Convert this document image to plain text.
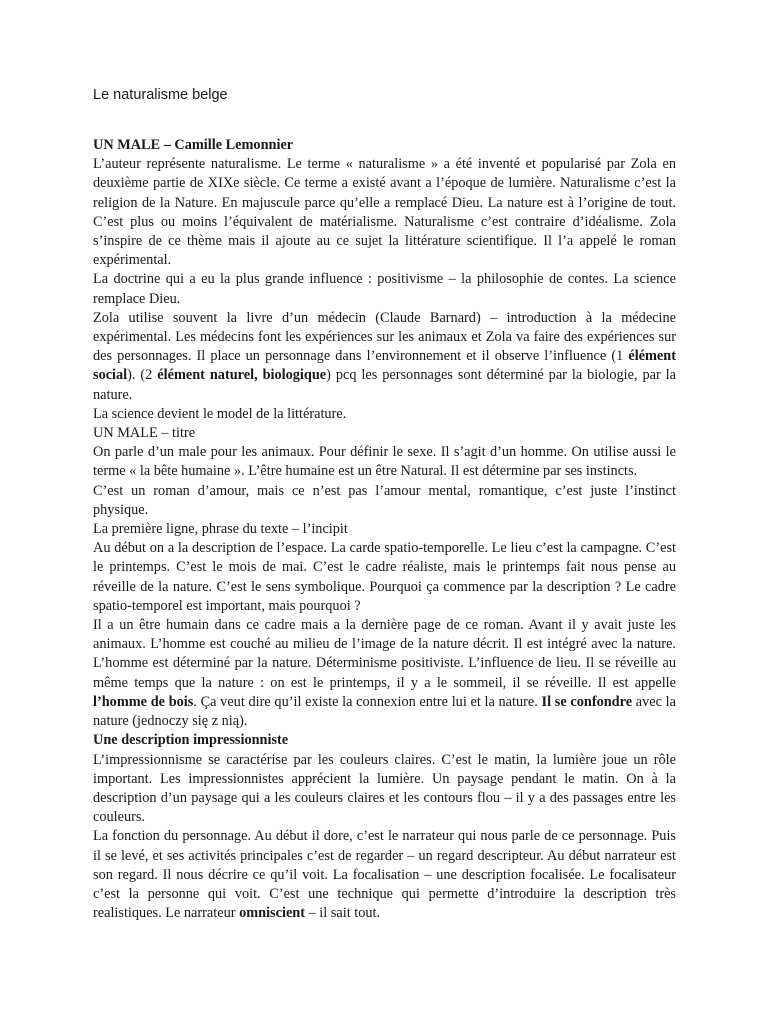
Le naturalisme belge

UN MALE – Camille Lemonnier

L’auteur représente naturalisme. Le terme « naturalisme » a été inventé et popularisé par Zola en deuxième partie de XIXe siècle. Ce terme a existé avant a l’époque de lumière. Naturalisme c’est la religion de la Nature. En majuscule parce qu’elle a remplacé Dieu. La nature est à l’origine de tout. C’est plus ou moins l’équivalent de matérialisme. Naturalisme c’est contraire d’idéalisme. Zola s’inspire de ce thème mais il ajoute au ce sujet la littérature scientifique. Il l’a appelé le roman expérimental.

La doctrine qui a eu la plus grande influence : positivisme – la philosophie de contes. La science remplace Dieu.

Zola utilise souvent la livre d’un médecin (Claude Barnard) – introduction à la médecine expérimental. Les médecins font les expériences sur les animaux et Zola va faire des expériences sur des personnages. Il place un personnage dans l’environnement et il observe l’influence (1 élément social). (2 élément naturel, biologique) pcq les personnages sont déterminé par la biologie, par la nature.

La science devient le model de la littérature.

UN MALE – titre

On parle d’un male pour les animaux. Pour définir le sexe. Il s’agit d’un homme. On utilise aussi le terme « la bête humaine ». L’être humaine est un être Natural. Il est détermine par ses instincts.

C’est un roman d’amour, mais ce n’est pas l’amour mental, romantique, c’est juste l’instinct physique.

La première ligne, phrase du texte – l’incipit

Au début on a la description de l’espace. La carde spatio-temporelle. Le lieu c’est la campagne. C’est le printemps. C’est le mois de mai. C’est le cadre réaliste, mais le printemps fait nous pense au réveille de la nature. C’est le sens symbolique. Pourquoi ça commence par la description ? Le cadre spatio-temporel est important, mais pourquoi ?

Il a un être humain dans ce cadre mais a la dernière page de ce roman. Avant il y avait juste les animaux. L’homme est couché au milieu de l’image de la nature décrit. Il est intégré avec la nature. L’homme est déterminé par la nature. Déterminisme positiviste. L’influence de lieu. Il se réveille au même temps que la nature : on est le printemps, il y a le sommeil, il se réveille. Il est appelle l’homme de bois. Ça veut dire qu’il existe la connexion entre lui et la nature. Il se confondre avec la nature (jednoczy się z nią).

Une description impressionniste

L’impressionnisme se caractérise par les couleurs claires. C’est le matin, la lumière joue un rôle important. Les impressionnistes apprécient la lumière. Un paysage pendant le matin. On à la description d’un paysage qui a les couleurs claires et les contours flou – il y a des passages entre les couleurs.

La fonction du personnage. Au début il dore, c’est le narrateur qui nous parle de ce personnage. Puis il se levé, et ses activités principales c’est de regarder – un regard descripteur. Au début narrateur est son regard. Il nous décrire ce qu’il voit. La focalisation – une description focalisée. Le focalisateur c’est la personne qui voit. C’est une technique qui permette d’introduire la description très realistiques. Le narrateur omniscient – il sait tout.
